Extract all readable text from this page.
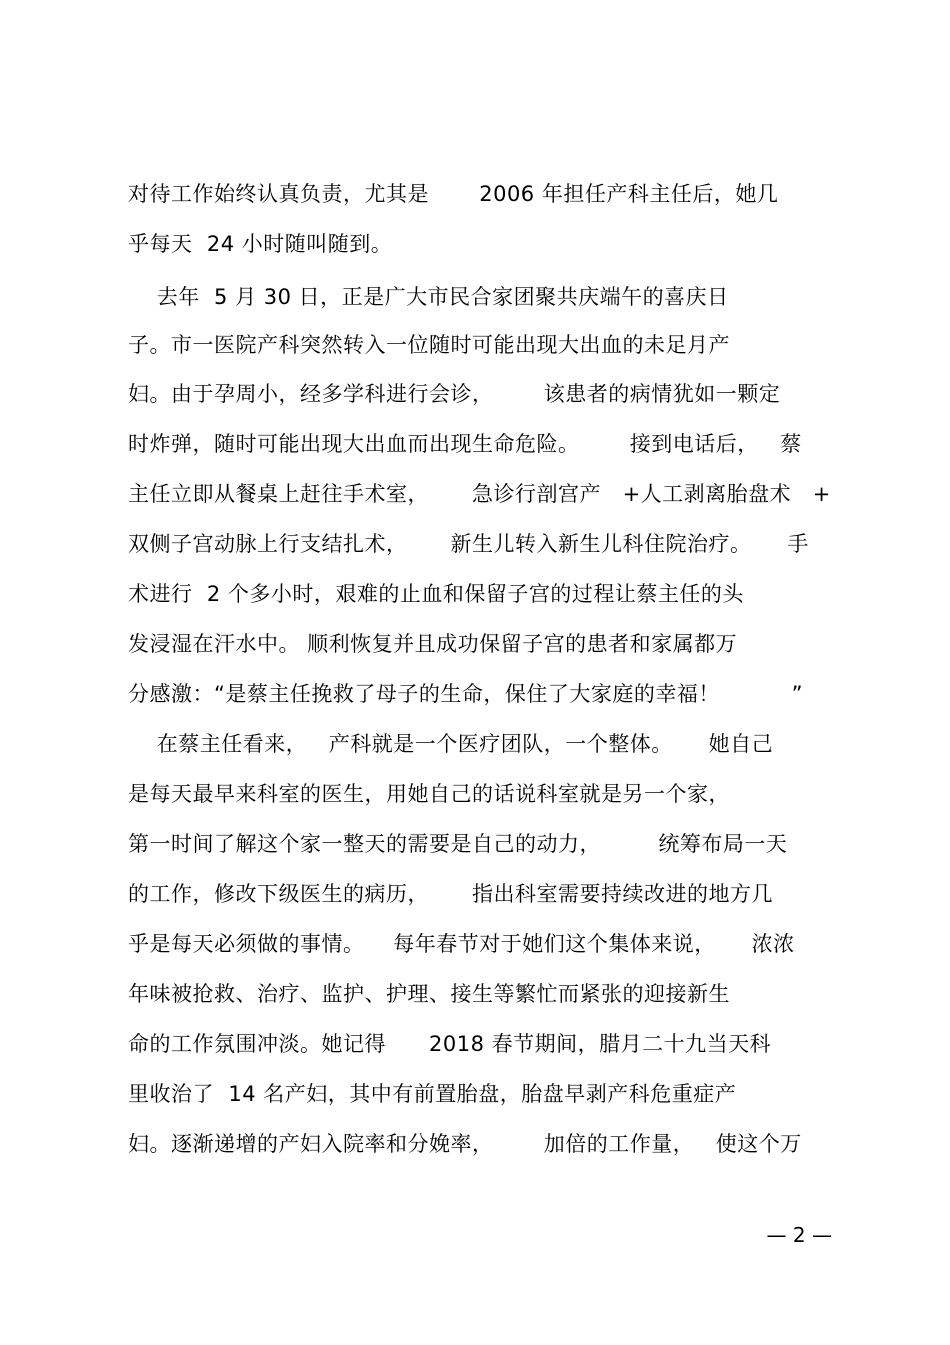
对待工作始终认真负责，尤其是       2006 年担任产科主任后，她几
乎每天  24 小时随叫随到。
去年  5 月 30 日，正是广大市民合家团聚共庆端午的喜庆日
子。市一医院产科突然转入一位随时可能出现大出血的未足月产
妇。由于孕周小，经多学科进行会诊，       该患者的病情犹如一颗定
时炸弹，随时可能出现大出血而出现生命危险。       接到电话后，   蔡
主任立即从餐桌上赶往手术室，      急诊行剖宫产   +人工剥离胎盘术   +
双侧子宫动脉上行支结扎术，      新生儿转入新生儿科住院治疗。     手
术进行  2 个多小时，艰难的止血和保留子宫的过程让蔡主任的头
发浸湿在汗水中。 顺利恢复并且成功保留子宫的患者和家属都万
分感激：“是蔡主任挽救了母子的生命，保住了大家庭的幸福！          ”
在蔡主任看来，   产科就是一个医疗团队，一个整体。     她自己
是每天最早来科室的医生，用她自己的话说科室就是另一个家，
第一时间了解这个家一整天的需要是自己的动力，        统筹布局一天
的工作，修改下级医生的病历，      指出科室需要持续改进的地方几
乎是每天必须做的事情。    每年春节对于她们这个集体来说，     浓浓
年味被抢救、治疗、监护、护理、接生等繁忙而紧张的迎接新生
命的工作氛围冲淡。她记得      2018 春节期间，腊月二十九当天科
里收治了  14 名产妇，其中有前置胎盘，胎盘早剥产科危重症产
妇。逐渐递增的产妇入院率和分娩率，       加倍的工作量，   使这个万
— 2 —
